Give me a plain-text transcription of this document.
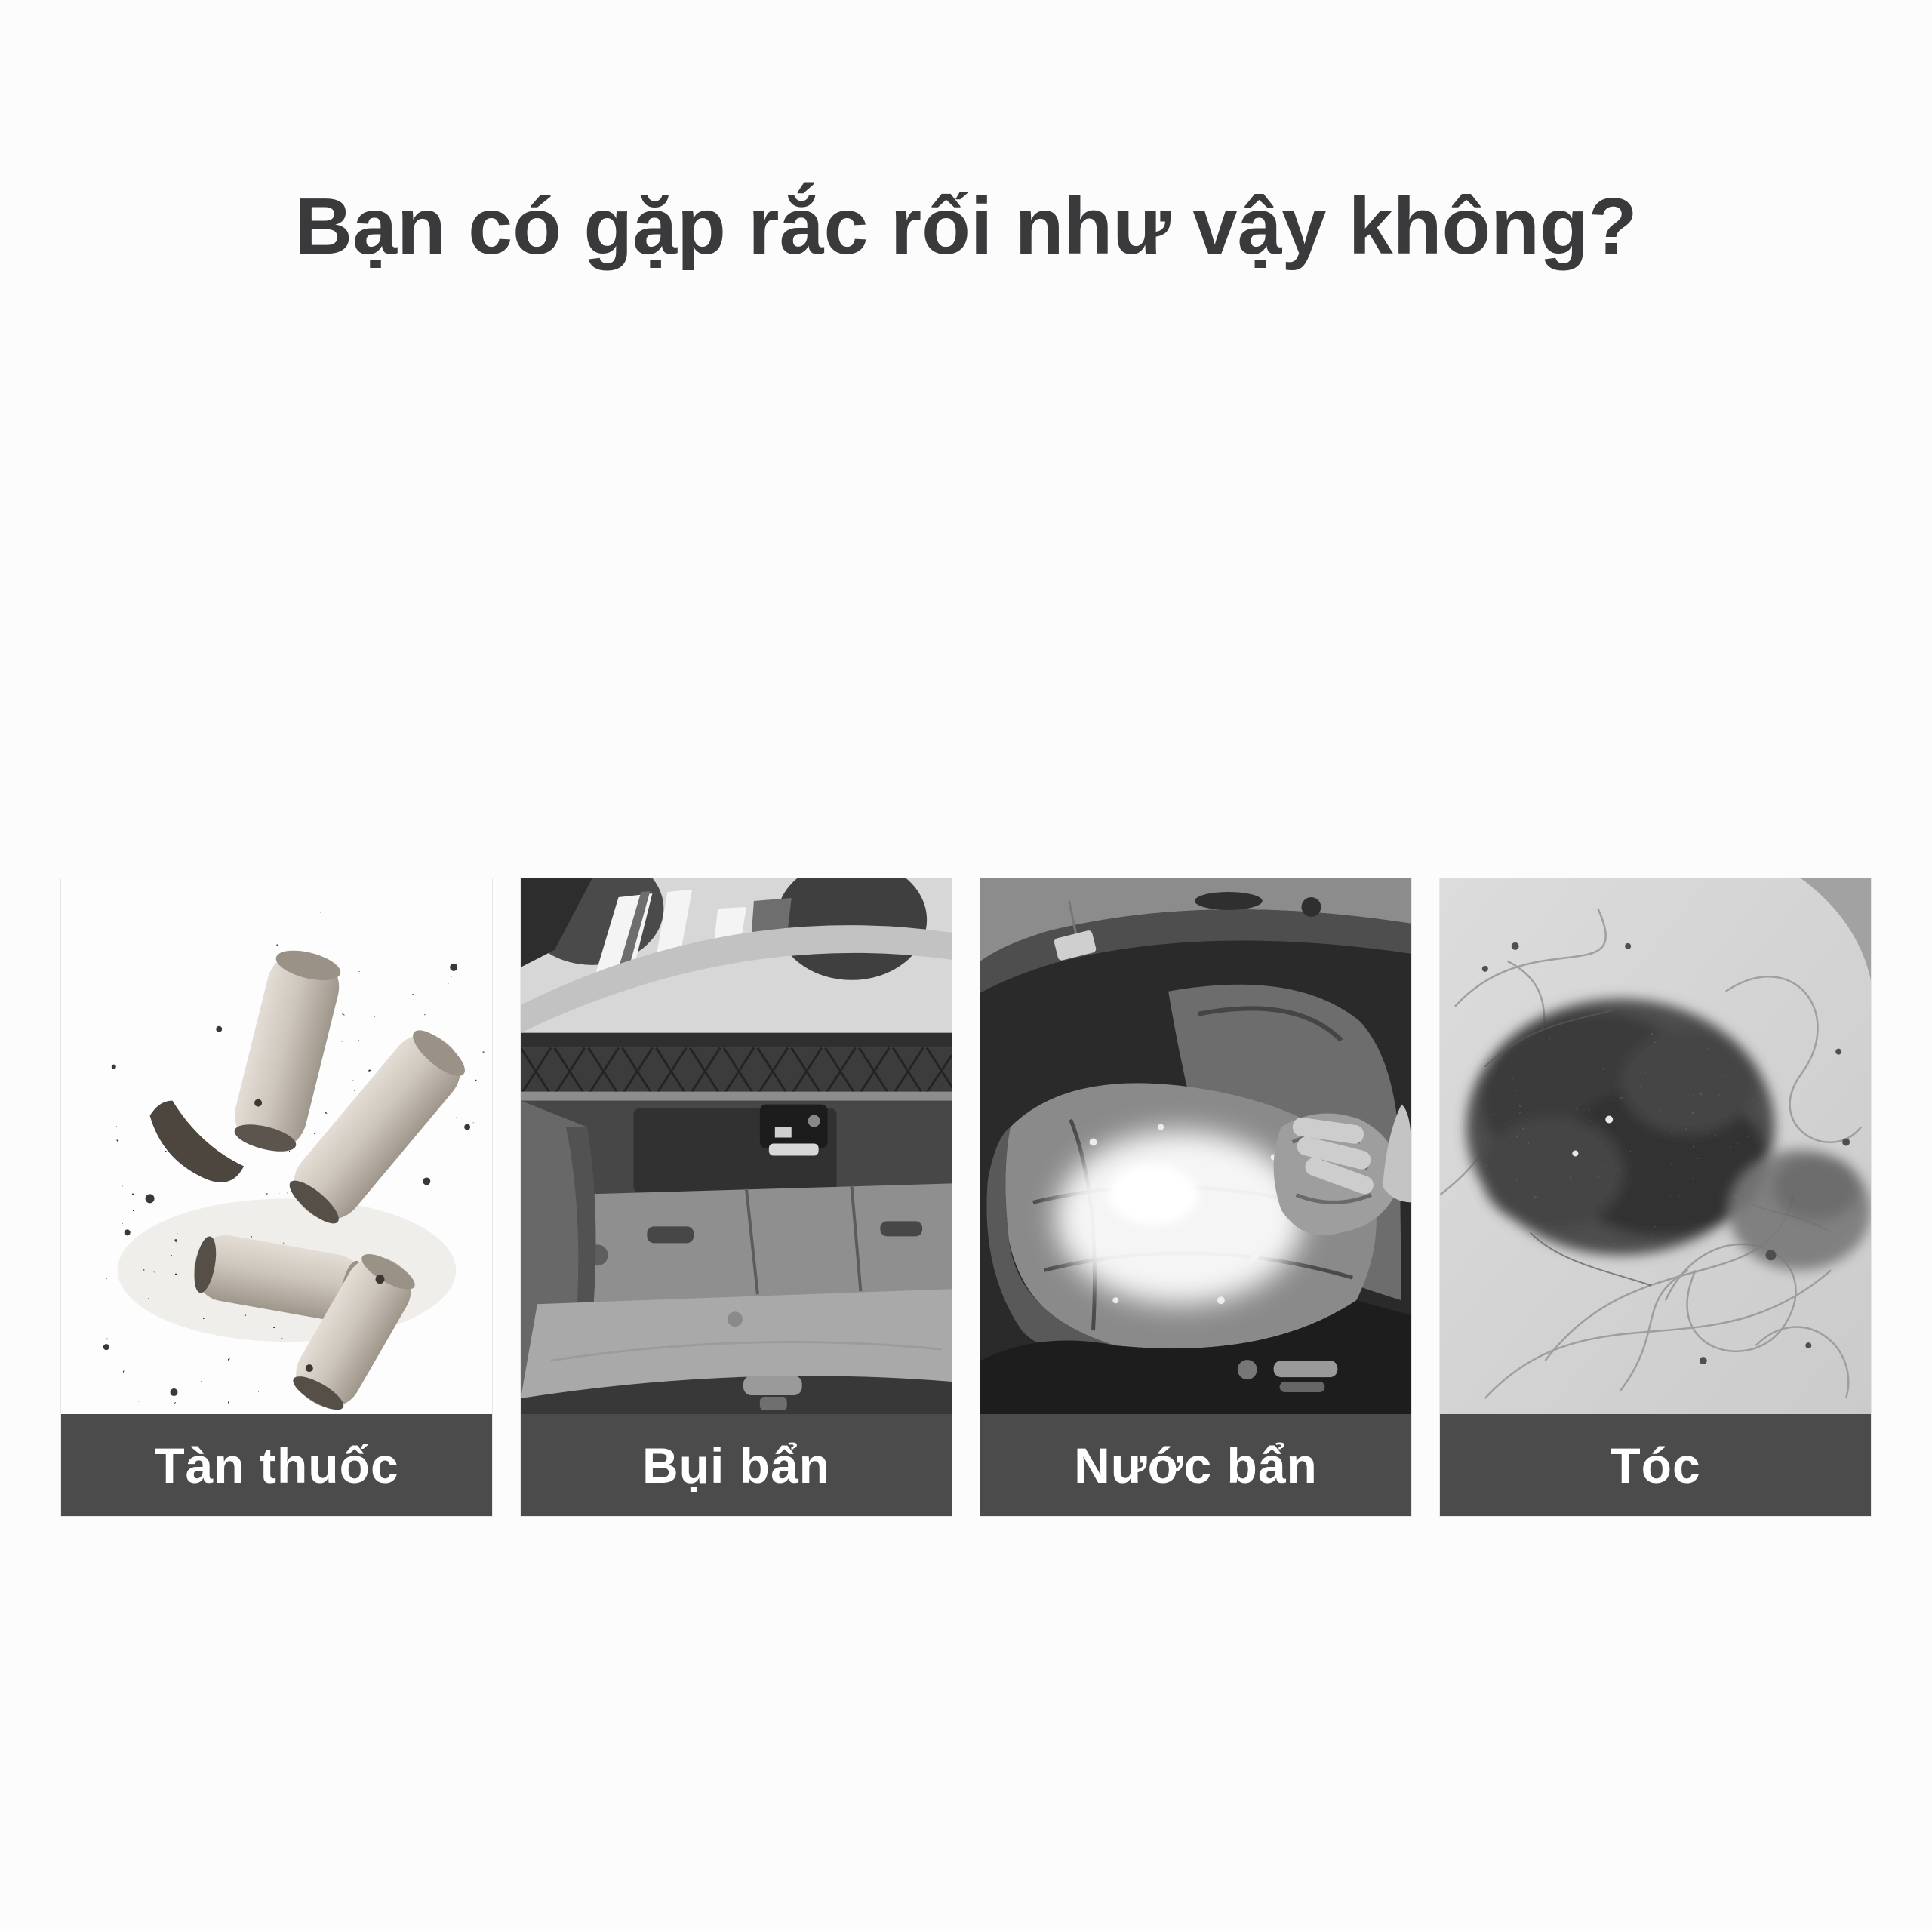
Bạn có gặp rắc rối như vậy không?
Tàn thuốc	Bụi bẩn	Nước bẩn	Tóc
